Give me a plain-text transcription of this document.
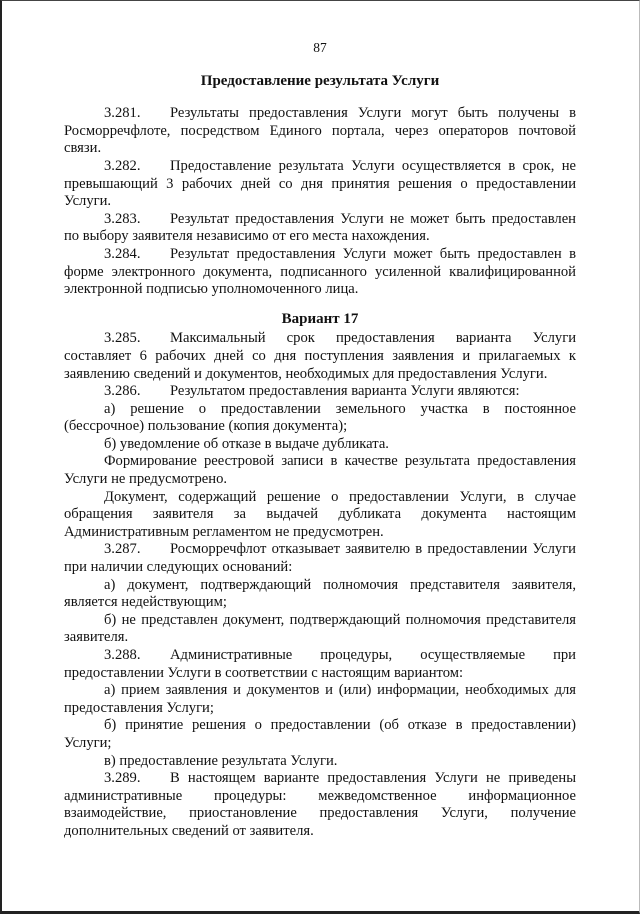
87
Предоставление результата Услуги

3.281. Результаты предоставления Услуги могут быть получены в Росморречфлоте, посредством Единого портала, через операторов почтовой связи.

3.282. Предоставление результата Услуги осуществляется в срок, не превышающий 3 рабочих дней со дня принятия решения о предоставлении Услуги.

3.283. Результат предоставления Услуги не может быть предоставлен по выбору заявителя независимо от его места нахождения.

3.284. Результат предоставления Услуги может быть предоставлен в форме электронного документа, подписанного усиленной квалифицированной электронной подписью уполномоченного лица.

Вариант 17

3.285. Максимальный срок предоставления варианта Услуги составляет 6 рабочих дней со дня поступления заявления и прилагаемых к заявлению сведений и документов, необходимых для предоставления Услуги.

3.286. Результатом предоставления варианта Услуги являются:

а) решение о предоставлении земельного участка в постоянное (бессрочное) пользование (копия документа);

б) уведомление об отказе в выдаче дубликата.

Формирование реестровой записи в качестве результата предоставления Услуги не предусмотрено.

Документ, содержащий решение о предоставлении Услуги, в случае обращения заявителя за выдачей дубликата документа настоящим Административным регламентом не предусмотрен.

3.287. Росморречфлот отказывает заявителю в предоставлении Услуги при наличии следующих оснований:

а) документ, подтверждающий полномочия представителя заявителя, является недействующим;

б) не представлен документ, подтверждающий полномочия представителя заявителя.

3.288. Административные процедуры, осуществляемые при предоставлении Услуги в соответствии с настоящим вариантом:

а) прием заявления и документов и (или) информации, необходимых для предоставления Услуги;

б) принятие решения о предоставлении (об отказе в предоставлении) Услуги;

в) предоставление результата Услуги.

3.289. В настоящем варианте предоставления Услуги не приведены административные процедуры: межведомственное информационное взаимодействие, приостановление предоставления Услуги, получение дополнительных сведений от заявителя.
